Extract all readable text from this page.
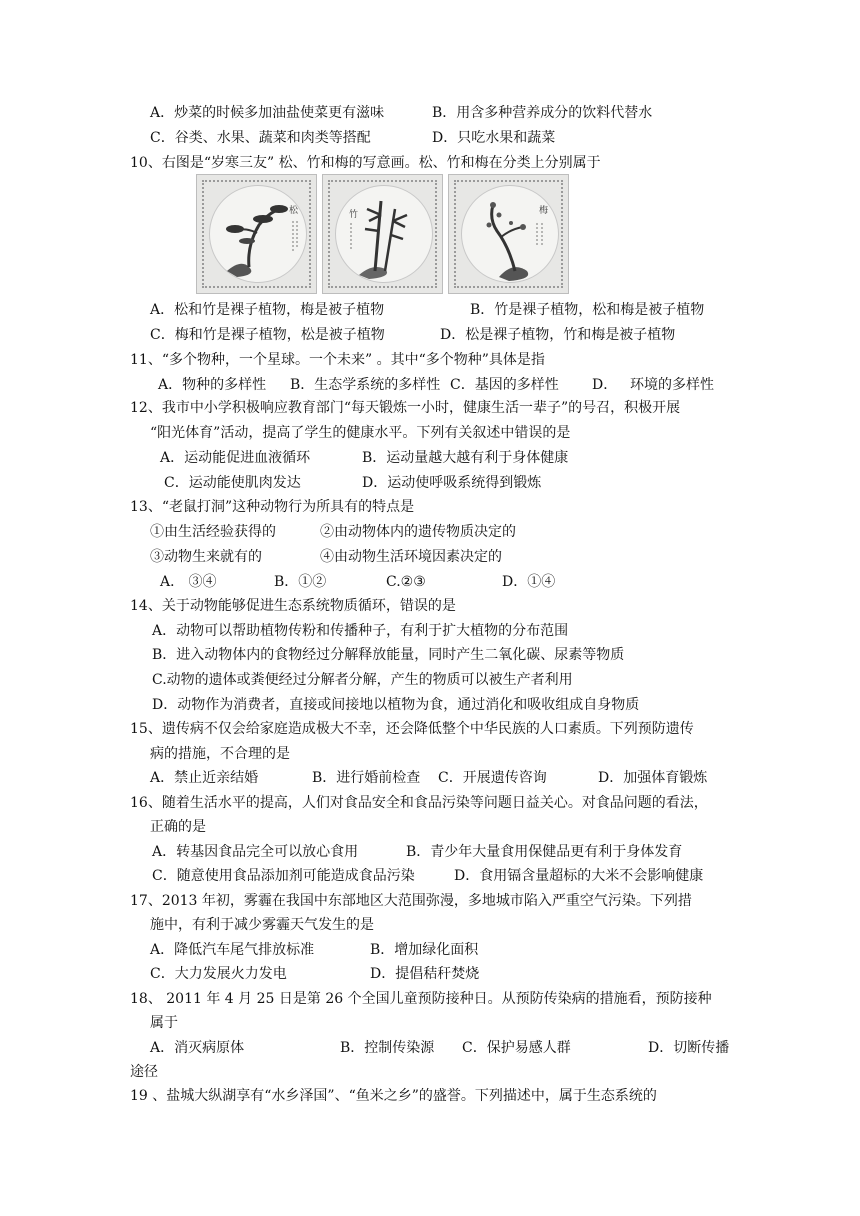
A．炒菜的时候多加油盐使菜更有滋味	B．用含多种营养成分的饮料代替水
C．谷类、水果、蔬菜和肉类等搭配	D．只吃水果和蔬菜
10、右图是“岁寒三友” 松、竹和梅的写意画。松、竹和梅在分类上分别属于
松	竹	梅
A．松和竹是裸子植物，梅是被子植物	B．竹是裸子植物，松和梅是被子植物
C．梅和竹是裸子植物，松是被子植物	D．松是裸子植物，竹和梅是被子植物
11、“多个物种，一个星球。一个未来” 。其中“多个物种”具体是指
A．物种的多样性 B．生态学系统的多样性 C．基因的多样性 D． 环境的多样性
12、我市中小学积极响应教育部门“每天锻炼一小时，健康生活一辈子”的号召，积极开展
“阳光体育”活动，提高了学生的健康水平。下列有关叙述中错误的是
A．运动能促进血液循环	B．运动量越大越有利于身体健康
C．运动能使肌肉发达	D．运动使呼吸系统得到锻炼
13、“老鼠打洞”这种动物行为所具有的特点是
①由生活经验获得的	②由动物体内的遗传物质决定的
③动物生来就有的	④由动物生活环境因素决定的
A． ③④	B．①②	C.②③	D．①④
14、关于动物能够促进生态系统物质循环，错误的是
A．动物可以帮助植物传粉和传播种子，有利于扩大植物的分布范围
B．进入动物体内的食物经过分解释放能量，同时产生二氧化碳、尿素等物质
C.动物的遗体或粪便经过分解者分解，产生的物质可以被生产者利用
D．动物作为消费者，直接或间接地以植物为食，通过消化和吸收组成自身物质
15、遗传病不仅会给家庭造成极大不幸，还会降低整个中华民族的人口素质。下列预防遗传
病的措施，不合理的是
A．禁止近亲结婚	B．进行婚前检查 C．开展遗传咨询	D．加强体育锻炼
16、随着生活水平的提高，人们对食品安全和食品污染等问题日益关心。对食品问题的看法，
正确的是
A．转基因食品完全可以放心食用	B．青少年大量食用保健品更有利于身体发育
C．随意使用食品添加剂可能造成食品污染	D．食用镉含量超标的大米不会影响健康
17、2013 年初，雾霾在我国中东部地区大范围弥漫，多地城市陷入严重空气污染。下列措
施中，有利于减少雾霾天气发生的是
A．降低汽车尾气排放标准	B．增加绿化面积
C．大力发展火力发电	D．提倡秸秆焚烧
18、 2011 年 4 月 25 日是第 26 个全国儿童预防接种日。从预防传染病的措施看，预防接种
属于
A．消灭病原体	B．控制传染源 C．保护易感人群	D．切断传播
途径
19 、盐城大纵湖享有“水乡泽国”、“鱼米之乡”的盛誉。下列描述中，属于生态系统的
